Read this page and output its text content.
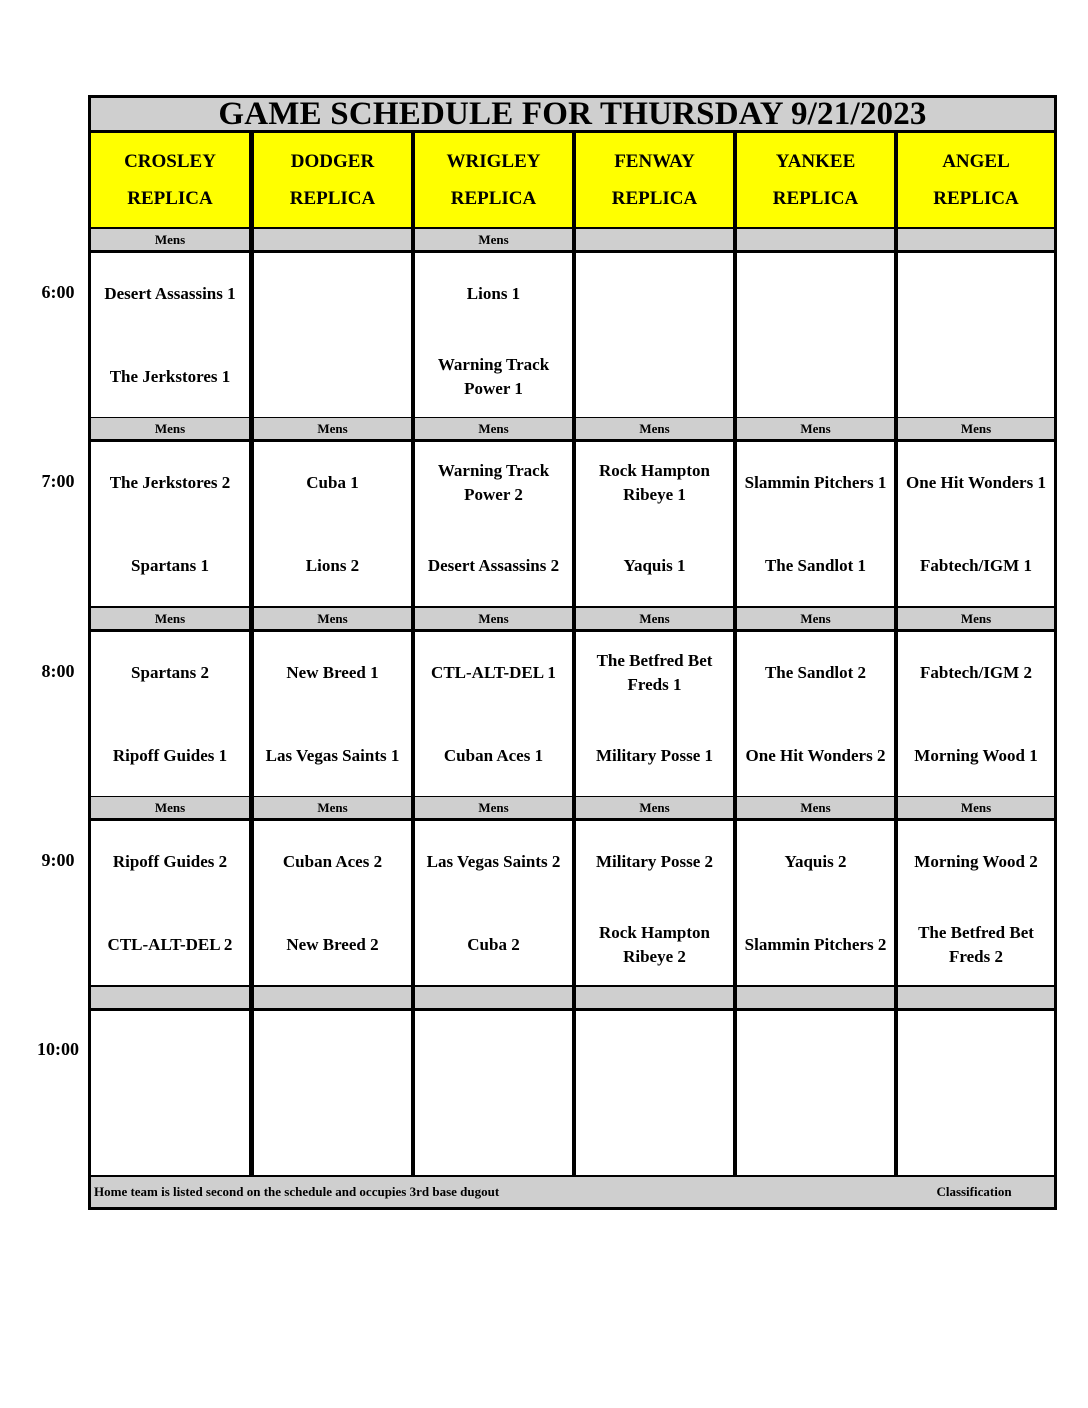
GAME SCHEDULE FOR THURSDAY 9/21/2023
CROSLEY
REPLICA
DODGER
REPLICA
WRIGLEY
REPLICA
FENWAY
REPLICA
YANKEE
REPLICA
ANGEL
REPLICA
Mens
Desert Assassins 1
The Jerkstores 1
Mens
Lions 1
Warning Track Power 1
Mens
The Jerkstores 2
Spartans 1
Mens
Cuba 1
Lions 2
Mens
Warning Track Power 2
Desert Assassins 2
Mens
Rock Hampton Ribeye 1
Yaquis 1
Mens
Slammin Pitchers 1
The Sandlot 1
Mens
One Hit Wonders 1
Fabtech/IGM 1
Mens
Spartans 2
Ripoff Guides 1
Mens
New Breed 1
Las Vegas Saints 1
Mens
CTL-ALT-DEL 1
Cuban Aces 1
Mens
The Betfred Bet Freds 1
Military Posse 1
Mens
The Sandlot 2
One Hit Wonders 2
Mens
Fabtech/IGM 2
Morning Wood 1
Mens
Ripoff Guides 2
CTL-ALT-DEL 2
Mens
Cuban Aces 2
New Breed 2
Mens
Las Vegas Saints 2
Cuba 2
Mens
Military Posse 2
Rock Hampton Ribeye 2
Mens
Yaquis 2
Slammin Pitchers 2
Mens
Morning Wood 2
The Betfred Bet Freds 2
Home team is listed second on the schedule and occupies 3rd base dugout	Classification
6:00
7:00
8:00
9:00
10:00
